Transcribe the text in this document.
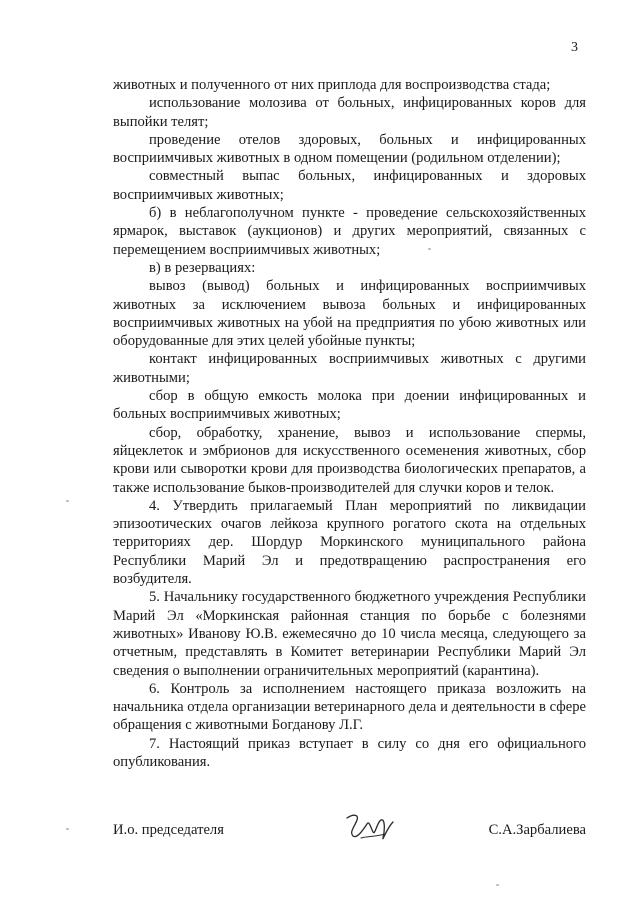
3

животных и полученного от них приплода для воспроизводства стада;

использование молозива от больных, инфицированных коров для выпойки телят;

проведение отелов здоровых, больных и инфицированных восприимчивых животных в одном помещении (родильном отделении);

совместный выпас больных, инфицированных и здоровых восприимчивых животных;

б) в неблагополучном пункте - проведение сельскохозяйственных ярмарок, выставок (аукционов) и других мероприятий, связанных с перемещением восприимчивых животных;

в) в резервациях:

вывоз (вывод) больных и инфицированных восприимчивых животных за исключением вывоза больных и инфицированных восприимчивых животных на убой на предприятия по убою животных или оборудованные для этих целей убойные пункты;

контакт инфицированных восприимчивых животных с другими животными;

сбор в общую емкость молока при доении инфицированных и больных восприимчивых животных;

сбор, обработку, хранение, вывоз и использование спермы, яйцеклеток и эмбрионов для искусственного осеменения животных, сбор крови или сыворотки крови для производства биологических препаратов, а также использование быков-производителей для случки коров и телок.

4. Утвердить прилагаемый План мероприятий по ликвидации эпизоотических очагов лейкоза крупного рогатого скота на отдельных территориях дер. Шордур Моркинского муниципального района Республики Марий Эл и предотвращению распространения его возбудителя.

5. Начальнику государственного бюджетного учреждения Республики Марий Эл «Моркинская районная станция по борьбе с болезнями животных» Иванову Ю.В. ежемесячно до 10 числа месяца, следующего за отчетным, представлять в Комитет ветеринарии Республики Марий Эл сведения о выполнении ограничительных мероприятий (карантина).

6. Контроль за исполнением настоящего приказа возложить на начальника отдела организации ветеринарного дела и деятельности в сфере обращения с животными Богданову Л.Г.

7. Настоящий приказ вступает в силу со дня его официального опубликования.

И.о. председателя	С.А.Зарбалиева
